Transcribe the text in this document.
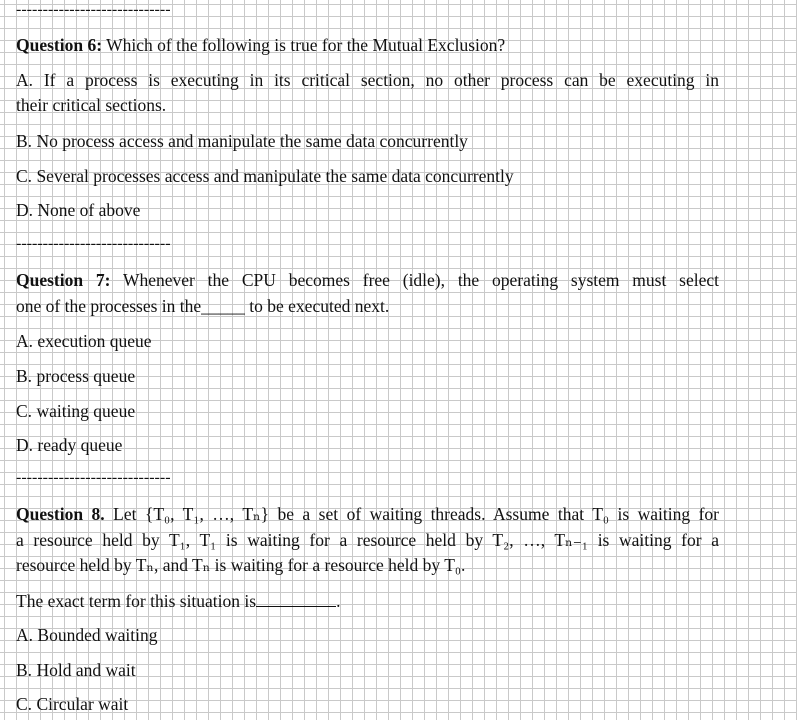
-----------------------------
Question 6: Which of the following is true for the Mutual Exclusion?
A. If a process is executing in its critical section, no other process can be executing in
their critical sections.
B. No process access and manipulate the same data concurrently
C. Several processes access and manipulate the same data concurrently
D. None of above
-----------------------------
Question 7: Whenever the CPU becomes free (idle), the operating system must select
one of the processes in the_____ to be executed next.
A. execution queue
B. process queue
C. waiting queue
D. ready queue
-----------------------------
Question 8. Let {T₀, T₁, …, Tₙ} be a set of waiting threads. Assume that T₀ is waiting for
a resource held by T₁, T₁ is waiting for a resource held by T₂, …, Tₙ₋₁ is waiting for a
resource held by Tₙ, and Tₙ is waiting for a resource held by T₀.
The exact term for this situation is	.
A. Bounded waiting
B. Hold and wait
C. Circular wait
